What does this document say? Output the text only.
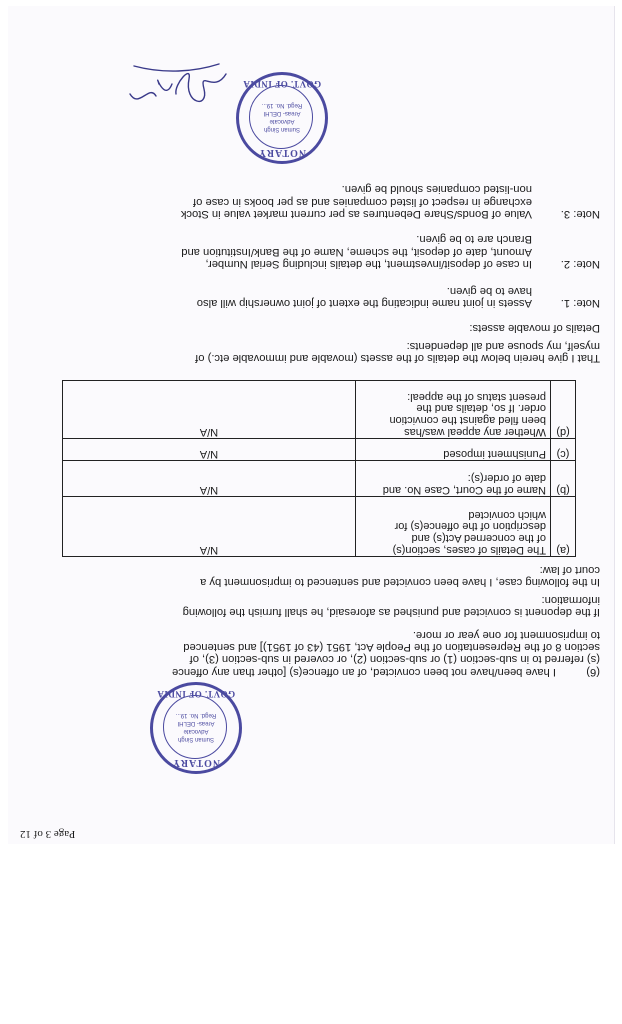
Page 3 of 12
NOTARY
Suman Singh
Advocate
Areas- DELHI
Regd. No. 19...
GOVT. OF INDIA
(6)
I have been/have not been convicted, of an offence(s) [other than any offence
(s) referred to in sub-section (1) or sub-section (2), or covered in sub-section (3), of
section 8 of the Representation of the People Act, 1951 (43 of 1951)] and sentenced
to imprisonment for one year or more.
If the deponent is convicted and punished as aforesaid, he shall furnish the following
information:
In the following case, I have been convicted and sentenced to imprisonment by a
court of law:
(a)	The Details of cases, section(s)
of the concerned Act(s) and
description of the offence(s) for
which convicted	N/A
(b)	Name of the Court, Case No. and
date of order(s):	N/A
(c)	Punishment imposed	N/A
(d)	Whether any appeal was/has
been filed against the conviction
order. If so, details and the
present status of the appeal:	N/A
That I give herein below the details of the assets (movable and immovable etc.) of
myself, my spouse and all dependents:
Details of movable assets:
Note: 1.
Assets in joint name indicating the extent of joint ownership will also
have to be given.
Note: 2.
In case of deposit/investment, the details including Serial Number,
Amount, date of deposit, the scheme, Name of the Bank/Institution and
Branch are to be given.
Note: 3.
Value of Bonds/Share Debentures as per current market value in Stock
exchange in respect of listed companies and as per books in case of
non-listed companies should be given.
NOTARY
Suman Singh
Advocate
Areas- DELHI
Regd. No. 19...
GOVT. OF INDIA
